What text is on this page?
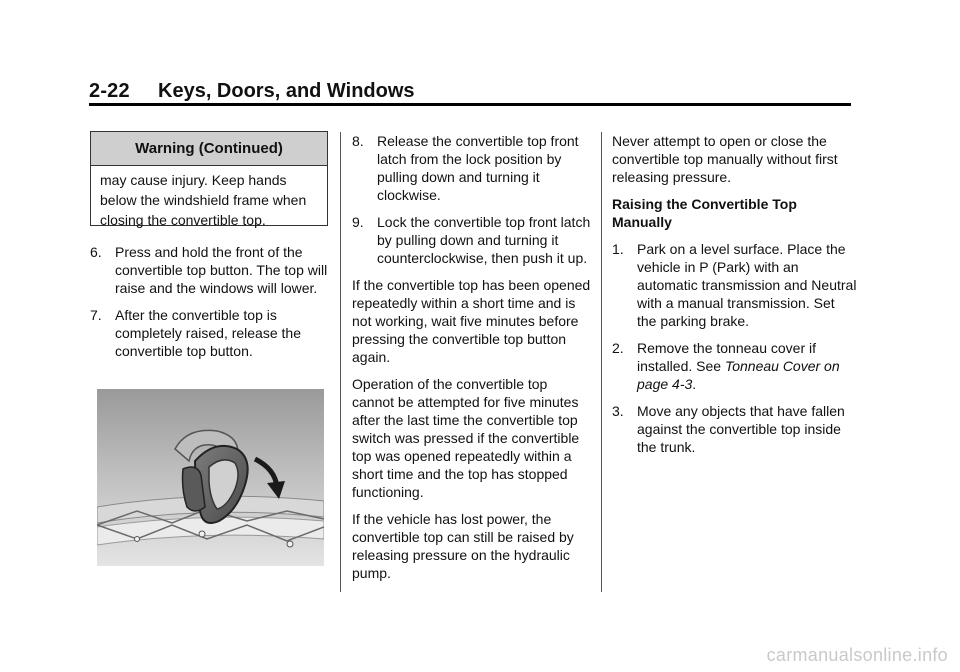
2-22 Keys, Doors, and Windows
Warning (Continued)
may cause injury. Keep hands below the windshield frame when closing the convertible top.
6. Press and hold the front of the convertible top button. The top will raise and the windows will lower.
7. After the convertible top is completely raised, release the convertible top button.
8. Release the convertible top front latch from the lock position by pulling down and turning it clockwise.
9. Lock the convertible top front latch by pulling down and turning it counterclockwise, then push it up.

If the convertible top has been opened repeatedly within a short time and is not working, wait five minutes before pressing the convertible top button again.

Operation of the convertible top cannot be attempted for five minutes after the last time the convertible top switch was pressed if the convertible top was opened repeatedly within a short time and the top has stopped functioning.

If the vehicle has lost power, the convertible top can still be raised by releasing pressure on the hydraulic pump.

Never attempt to open or close the convertible top manually without first releasing pressure.

Raising the Convertible Top Manually

1. Park on a level surface. Place the vehicle in P (Park) with an automatic transmission and Neutral with a manual transmission. Set the parking brake.
2. Remove the tonneau cover if installed. See Tonneau Cover on page 4-3.
3. Move any objects that have fallen against the convertible top inside the trunk.
carmanualsonline.info
